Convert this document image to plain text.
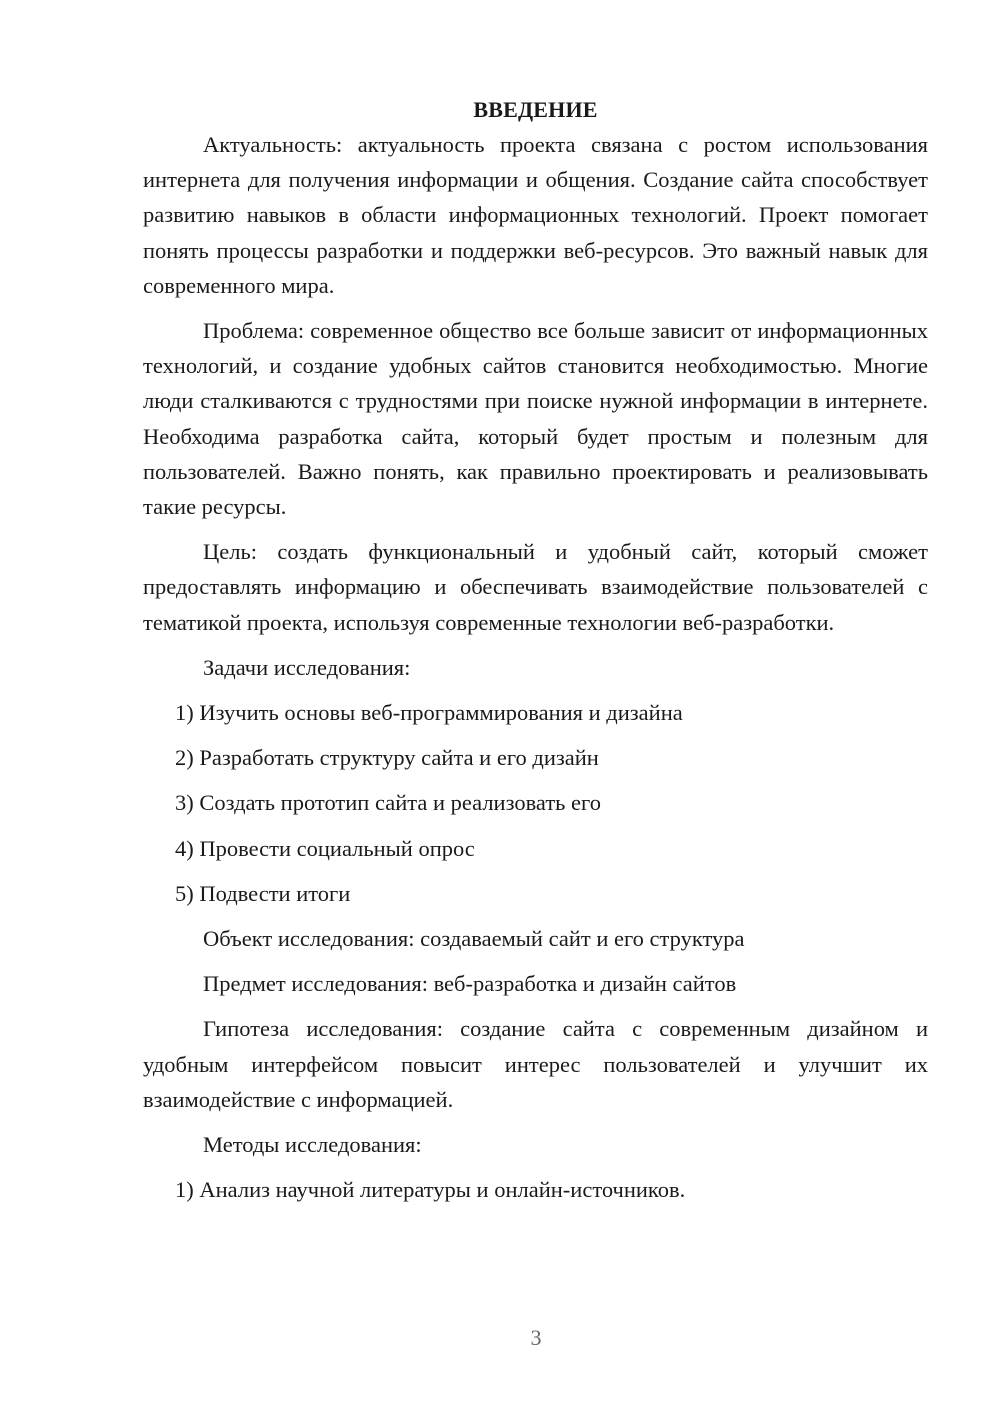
ВВЕДЕНИЕ

Актуальность: актуальность проекта связана с ростом использования интернета для получения информации и общения. Создание сайта способствует развитию навыков в области информационных технологий. Проект помогает понять процессы разработки и поддержки веб-ресурсов. Это важный навык для современного мира.

Проблема: современное общество все больше зависит от информационных технологий, и создание удобных сайтов становится необходимостью. Многие люди сталкиваются с трудностями при поиске нужной информации в интернете. Необходима разработка сайта, который будет простым и полезным для пользователей. Важно понять, как правильно проектировать и реализовывать такие ресурсы.

Цель: создать функциональный и удобный сайт, который сможет предоставлять информацию и обеспечивать взаимодействие пользователей с тематикой проекта, используя современные технологии веб-разработки.

Задачи исследования:

1) Изучить основы веб-программирования и дизайна
2) Разработать структуру сайта и его дизайн
3) Создать прототип сайта и реализовать его
4) Провести социальный опрос
5) Подвести итоги

Объект исследования: создаваемый сайт и его структура

Предмет исследования: веб-разработка и дизайн сайтов

Гипотеза исследования: создание сайта с современным дизайном и удобным интерфейсом повысит интерес пользователей и улучшит их взаимодействие с информацией.

Методы исследования:

1) Анализ научной литературы и онлайн-источников.
3
